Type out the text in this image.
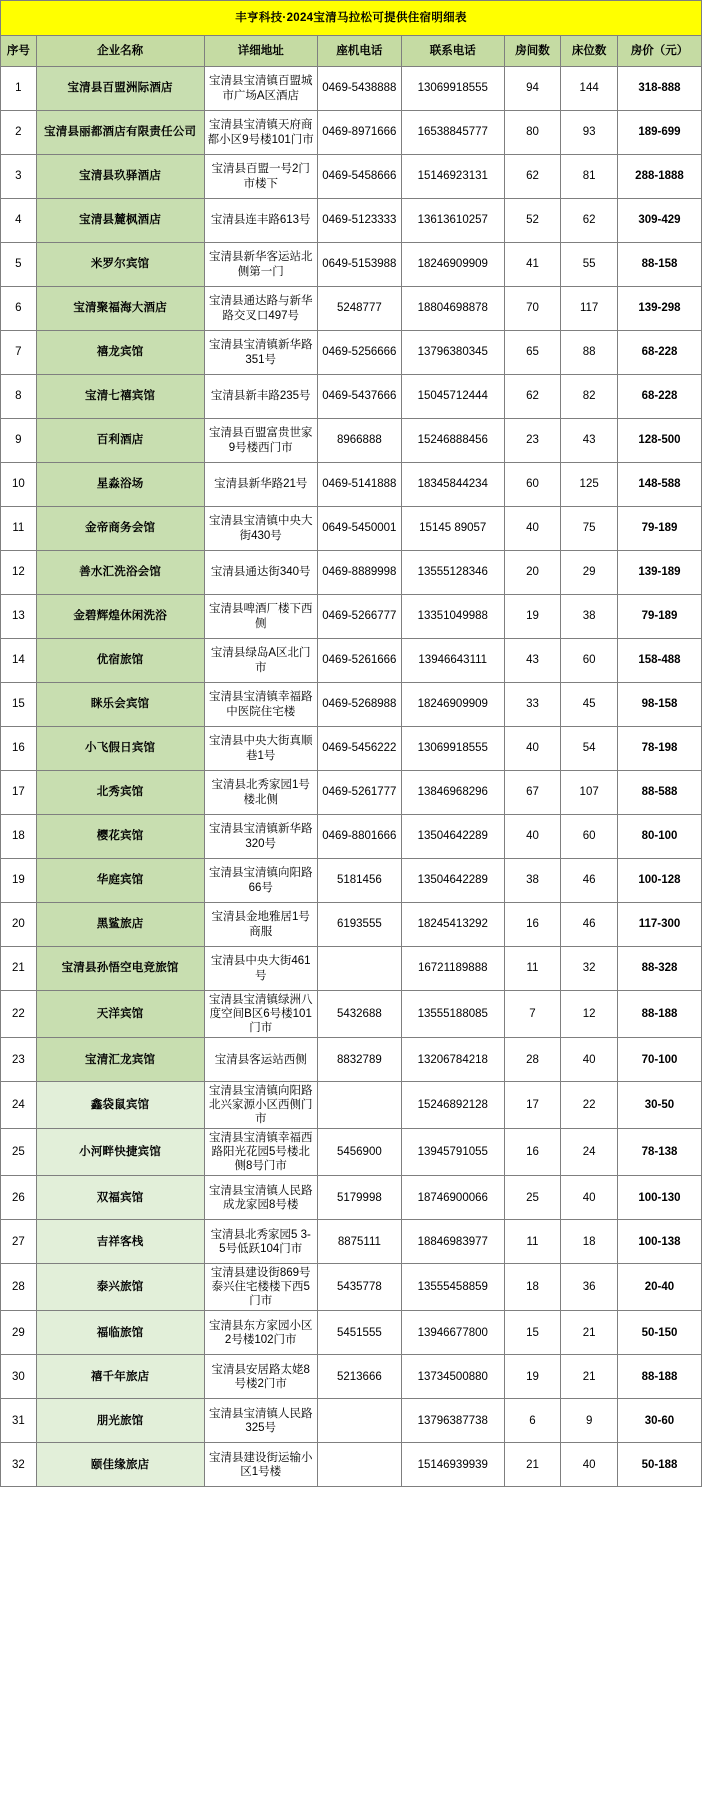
丰亨科技·2024宝清马拉松可提供住宿明细表							
序号	企业名称	详细地址	座机电话	联系电话	房间数	床位数	房价（元）
1	宝清县百盟洲际酒店	宝清县宝清镇百盟城市广场A区酒店	0469-5438888	13069918555	94	144	318-888
2	宝清县丽都酒店有限责任公司	宝清县宝清镇天府商都小区9号楼101门市	0469-8971666	16538845777	80	93	189-699
3	宝清县玖驿酒店	宝清县百盟一号2门市楼下	0469-5458666	15146923131	62	81	288-1888
4	宝清县麓枫酒店	宝清县连丰路613号	0469-5123333	13613610257	52	62	309-429
5	米罗尔宾馆	宝清县新华客运站北侧第一门	0649-5153988	18246909909	41	55	88-158
6	宝清聚福海大酒店	宝清县通达路与新华路交叉口497号	5248777	18804698878	70	117	139-298
7	禧龙宾馆	宝清县宝清镇新华路351号	0469-5256666	13796380345	65	88	68-228
8	宝清七禧宾馆	宝清县新丰路235号	0469-5437666	15045712444	62	82	68-228
9	百利酒店	宝清县百盟富贵世家9号楼西门市	8966888	15246888456	23	43	128-500
10	星淼浴场	宝清县新华路21号	0469-5141888	18345844234	60	125	148-588
11	金帝商务会馆	宝清县宝清镇中央大街430号	0649-5450001	15145 89057	40	75	79-189
12	善水汇洗浴会馆	宝清县通达街340号	0469-8889998	13555128346	20	29	139-189
13	金碧辉煌休闲洗浴	宝清县啤酒厂楼下西侧	0469-5266777	13351049988	19	38	79-189
14	优宿旅馆	宝清县绿岛A区北门市	0469-5261666	13946643111	43	60	158-488
15	眯乐会宾馆	宝清县宝清镇幸福路中医院住宅楼	0469-5268988	18246909909	33	45	98-158
16	小飞假日宾馆	宝清县中央大街真顺巷1号	0469-5456222	13069918555	40	54	78-198
17	北秀宾馆	宝清县北秀家园1号楼北侧	0469-5261777	13846968296	67	107	88-588
18	樱花宾馆	宝清县宝清镇新华路320号	0469-8801666	13504642289	40	60	80-100
19	华庭宾馆	宝清县宝清镇向阳路66号	5181456	13504642289	38	46	100-128
20	黑鲨旅店	宝清县金地雅居1号商服	6193555	18245413292	16	46	117-300
21	宝清县孙悟空电竞旅馆	宝清县中央大街461号		16721189888	11	32	88-328
22	天洋宾馆	宝清县宝清镇绿洲八度空间B区6号楼101门市	5432688	13555188085	7	12	88-188
23	宝清汇龙宾馆	宝清县客运站西侧	8832789	13206784218	28	40	70-100
24	鑫袋鼠宾馆	宝清县宝清镇向阳路北兴家源小区西侧门市		15246892128	17	22	30-50
25	小河畔快捷宾馆	宝清县宝清镇幸福西路阳光花园5号楼北侧8号门市	5456900	13945791055	16	24	78-138
26	双福宾馆	宝清县宝清镇人民路成龙家园8号楼	5179998	18746900066	25	40	100-130
27	吉祥客栈	宝清县北秀家园5 3-5号低跃104门市	8875111	18846983977	11	18	100-138
28	泰兴旅馆	宝清县建设街869号泰兴住宅楼楼下西5门市	5435778	13555458859	18	36	20-40
29	福临旅馆	宝清县东方家园小区2号楼102门市	5451555	13946677800	15	21	50-150
30	禧千年旅店	宝清县安居路太姥8号楼2门市	5213666	13734500880	19	21	88-188
31	朋光旅馆	宝清县宝清镇人民路325号		13796387738	6	9	30-60
32	颐佳缘旅店	宝清县建设街运输小区1号楼		15146939939	21	40	50-188
